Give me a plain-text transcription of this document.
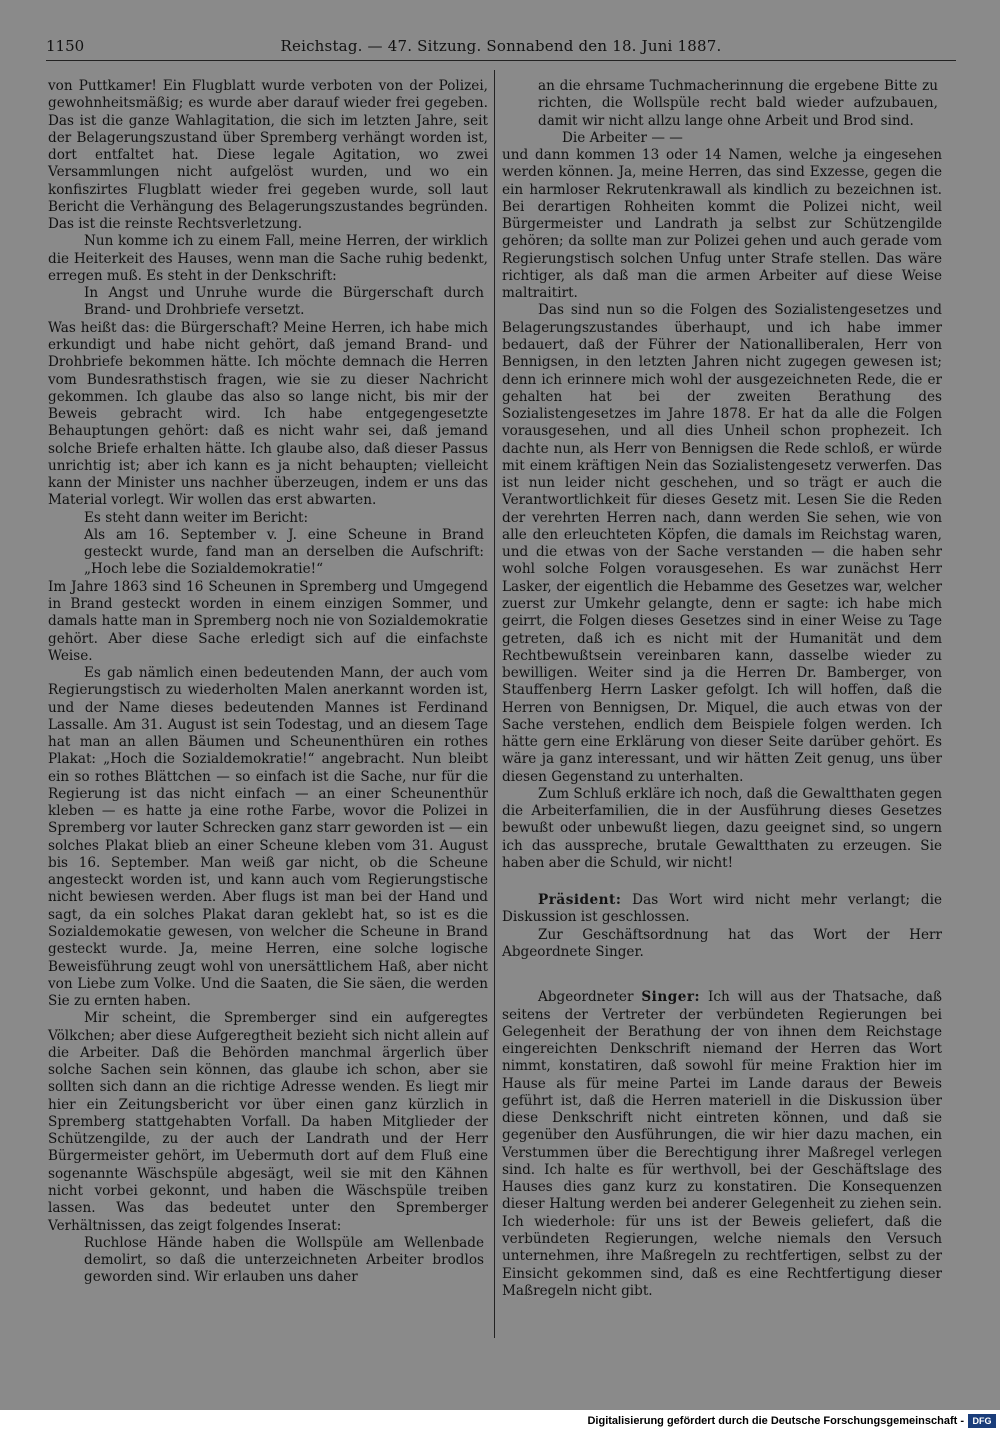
1150	Reichstag. — 47. Sitzung. Sonnabend den 18. Juni 1887.

von Puttkamer! Ein Flugblatt wurde verboten von der Polizei, gewohnheitsmäßig; es wurde aber darauf wieder frei gegeben. Das ist die ganze Wahlagitation, die sich im letzten Jahre, seit der Belagerungszustand über Spremberg verhängt worden ist, dort entfaltet hat. Diese legale Agitation, wo zwei Versammlungen nicht aufgelöst wurden, und wo ein konfiszirtes Flugblatt wieder frei gegeben wurde, soll laut Bericht die Verhängung des Belagerungszustandes begründen. Das ist die reinste Rechtsverletzung.

Nun komme ich zu einem Fall, meine Herren, der wirklich die Heiterkeit des Hauses, wenn man die Sache ruhig bedenkt, erregen muß. Es steht in der Denkschrift:

In Angst und Unruhe wurde die Bürgerschaft durch Brand- und Drohbriefe versetzt.

Was heißt das: die Bürgerschaft? Meine Herren, ich habe mich erkundigt und habe nicht gehört, daß jemand Brand- und Drohbriefe bekommen hätte. Ich möchte demnach die Herren vom Bundesrathstisch fragen, wie sie zu dieser Nachricht gekommen. Ich glaube das also so lange nicht, bis mir der Beweis gebracht wird. Ich habe entgegengesetzte Behauptungen gehört: daß es nicht wahr sei, daß jemand solche Briefe erhalten hätte. Ich glaube also, daß dieser Passus unrichtig ist; aber ich kann es ja nicht behaupten; vielleicht kann der Minister uns nachher überzeugen, indem er uns das Material vorlegt. Wir wollen das erst abwarten.

Es steht dann weiter im Bericht:

Als am 16. September v. J. eine Scheune in Brand gesteckt wurde, fand man an derselben die Aufschrift: „Hoch lebe die Sozialdemokratie!“

Im Jahre 1863 sind 16 Scheunen in Spremberg und Umgegend in Brand gesteckt worden in einem einzigen Sommer, und damals hatte man in Spremberg noch nie von Sozialdemokratie gehört. Aber diese Sache erledigt sich auf die einfachste Weise.

Es gab nämlich einen bedeutenden Mann, der auch vom Regierungstisch zu wiederholten Malen anerkannt worden ist, und der Name dieses bedeutenden Mannes ist Ferdinand Lassalle. Am 31. August ist sein Todestag, und an diesem Tage hat man an allen Bäumen und Scheunenthüren ein rothes Plakat: „Hoch die Sozialdemokratie!“ angebracht. Nun bleibt ein so rothes Blättchen — so einfach ist die Sache, nur für die Regierung ist das nicht einfach — an einer Scheunenthür kleben — es hatte ja eine rothe Farbe, wovor die Polizei in Spremberg vor lauter Schrecken ganz starr geworden ist — ein solches Plakat blieb an einer Scheune kleben vom 31. August bis 16. September. Man weiß gar nicht, ob die Scheune angesteckt worden ist, und kann auch vom Regierungstische nicht bewiesen werden. Aber flugs ist man bei der Hand und sagt, da ein solches Plakat daran geklebt hat, so ist es die Sozialdemokatie gewesen, von welcher die Scheune in Brand gesteckt wurde. Ja, meine Herren, eine solche logische Beweisführung zeugt wohl von unersättlichem Haß, aber nicht von Liebe zum Volke. Und die Saaten, die Sie säen, die werden Sie zu ernten haben.

Mir scheint, die Spremberger sind ein aufgeregtes Völkchen; aber diese Aufgeregtheit bezieht sich nicht allein auf die Arbeiter. Daß die Behörden manchmal ärgerlich über solche Sachen sein können, das glaube ich schon, aber sie sollten sich dann an die richtige Adresse wenden. Es liegt mir hier ein Zeitungsbericht vor über einen ganz kürzlich in Spremberg stattgehabten Vorfall. Da haben Mitglieder der Schützengilde, zu der auch der Landrath und der Herr Bürgermeister gehört, im Uebermuth dort auf dem Fluß eine sogenannte Wäschspüle abgesägt, weil sie mit den Kähnen nicht vorbei gekonnt, und haben die Wäschspüle treiben lassen. Was das bedeutet unter den Spremberger Verhältnissen, das zeigt folgendes Inserat:

Ruchlose Hände haben die Wollspüle am Wellenbade demolirt, so daß die unterzeichneten Arbeiter brodlos geworden sind. Wir erlauben uns daher

an die ehrsame Tuchmacherinnung die ergebene Bitte zu richten, die Wollspüle recht bald wieder aufzubauen, damit wir nicht allzu lange ohne Arbeit und Brod sind.

Die Arbeiter — —

und dann kommen 13 oder 14 Namen, welche ja eingesehen werden können. Ja, meine Herren, das sind Exzesse, gegen die ein harmloser Rekrutenkrawall als kindlich zu bezeichnen ist. Bei derartigen Rohheiten kommt die Polizei nicht, weil Bürgermeister und Landrath ja selbst zur Schützengilde gehören; da sollte man zur Polizei gehen und auch gerade vom Regierungstisch solchen Unfug unter Strafe stellen. Das wäre richtiger, als daß man die armen Arbeiter auf diese Weise maltraitirt.

Das sind nun so die Folgen des Sozialistengesetzes und Belagerungszustandes überhaupt, und ich habe immer bedauert, daß der Führer der Nationalliberalen, Herr von Bennigsen, in den letzten Jahren nicht zugegen gewesen ist; denn ich erinnere mich wohl der ausgezeichneten Rede, die er gehalten hat bei der zweiten Berathung des Sozialistengesetzes im Jahre 1878. Er hat da alle die Folgen vorausgesehen, und all dies Unheil schon prophezeit. Ich dachte nun, als Herr von Bennigsen die Rede schloß, er würde mit einem kräftigen Nein das Sozialistengesetz verwerfen. Das ist nun leider nicht geschehen, und so trägt er auch die Verantwortlichkeit für dieses Gesetz mit. Lesen Sie die Reden der verehrten Herren nach, dann werden Sie sehen, wie von alle den erleuchteten Köpfen, die damals im Reichstag waren, und die etwas von der Sache verstanden — die haben sehr wohl solche Folgen vorausgesehen. Es war zunächst Herr Lasker, der eigentlich die Hebamme des Gesetzes war, welcher zuerst zur Umkehr gelangte, denn er sagte: ich habe mich geirrt, die Folgen dieses Gesetzes sind in einer Weise zu Tage getreten, daß ich es nicht mit der Humanität und dem Rechtbewußtsein vereinbaren kann, dasselbe wieder zu bewilligen. Weiter sind ja die Herren Dr. Bamberger, von Stauffenberg Herrn Lasker gefolgt. Ich will hoffen, daß die Herren von Bennigsen, Dr. Miquel, die auch etwas von der Sache verstehen, endlich dem Beispiele folgen werden. Ich hätte gern eine Erklärung von dieser Seite darüber gehört. Es wäre ja ganz interessant, und wir hätten Zeit genug, uns über diesen Gegenstand zu unterhalten.

Zum Schluß erkläre ich noch, daß die Gewaltthaten gegen die Arbeiterfamilien, die in der Ausführung dieses Gesetzes bewußt oder unbewußt liegen, dazu geeignet sind, so ungern ich das ausspreche, brutale Gewaltthaten zu erzeugen. Sie haben aber die Schuld, wir nicht!

Präsident: Das Wort wird nicht mehr verlangt; die Diskussion ist geschlossen.

Zur Geschäftsordnung hat das Wort der Herr Abgeordnete Singer.

Abgeordneter Singer: Ich will aus der Thatsache, daß seitens der Vertreter der verbündeten Regierungen bei Gelegenheit der Berathung der von ihnen dem Reichstage eingereichten Denkschrift niemand der Herren das Wort nimmt, konstatiren, daß sowohl für meine Fraktion hier im Hause als für meine Partei im Lande daraus der Beweis geführt ist, daß die Herren materiell in die Diskussion über diese Denkschrift nicht eintreten können, und daß sie gegenüber den Ausführungen, die wir hier dazu machen, ein Verstummen über die Berechtigung ihrer Maßregel verlegen sind. Ich halte es für werthvoll, bei der Geschäftslage des Hauses dies ganz kurz zu konstatiren. Die Konsequenzen dieser Haltung werden bei anderer Gelegenheit zu ziehen sein. Ich wiederhole: für uns ist der Beweis geliefert, daß die verbündeten Regierungen, welche niemals den Versuch unternehmen, ihre Maßregeln zu rechtfertigen, selbst zu der Einsicht gekommen sind, daß es eine Rechtfertigung dieser Maßregeln nicht gibt.

Digitalisierung gefördert durch die Deutsche Forschungsgemeinschaft - DFG
